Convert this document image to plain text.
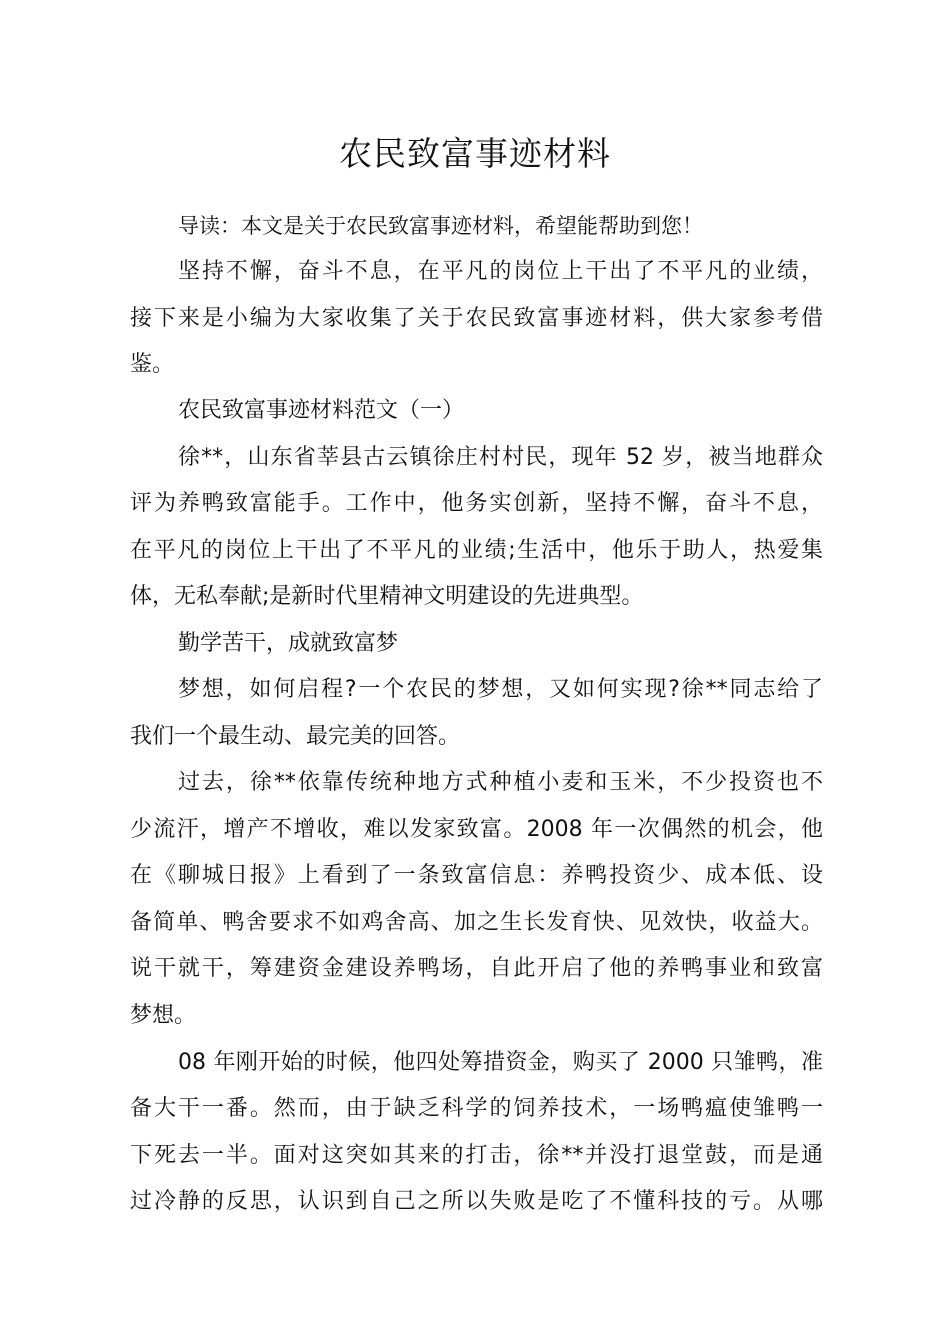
农民致富事迹材料
导读：本文是关于农民致富事迹材料，希望能帮助到您！
坚持不懈，奋斗不息，在平凡的岗位上干出了不平凡的业绩，
接下来是小编为大家收集了关于农民致富事迹材料，供大家参考借
鉴。
农民致富事迹材料范文（一）
徐**，山东省莘县古云镇徐庄村村民，现年 52 岁，被当地群众
评为养鸭致富能手。工作中，他务实创新，坚持不懈，奋斗不息，
在平凡的岗位上干出了不平凡的业绩;生活中，他乐于助人，热爱集
体，无私奉献;是新时代里精神文明建设的先进典型。
勤学苦干，成就致富梦
梦想，如何启程?一个农民的梦想，又如何实现?徐**同志给了
我们一个最生动、最完美的回答。
过去，徐**依靠传统种地方式种植小麦和玉米，不少投资也不
少流汗，增产不增收，难以发家致富。2008 年一次偶然的机会，他
在《聊城日报》上看到了一条致富信息：养鸭投资少、成本低、设
备简单、鸭舍要求不如鸡舍高、加之生长发育快、见效快，收益大。
说干就干，筹建资金建设养鸭场，自此开启了他的养鸭事业和致富
梦想。
08 年刚开始的时候，他四处筹措资金，购买了 2000 只雏鸭，准
备大干一番。然而，由于缺乏科学的饲养技术，一场鸭瘟使雏鸭一
下死去一半。面对这突如其来的打击，徐**并没打退堂鼓，而是通
过冷静的反思，认识到自己之所以失败是吃了不懂科技的亏。从哪
